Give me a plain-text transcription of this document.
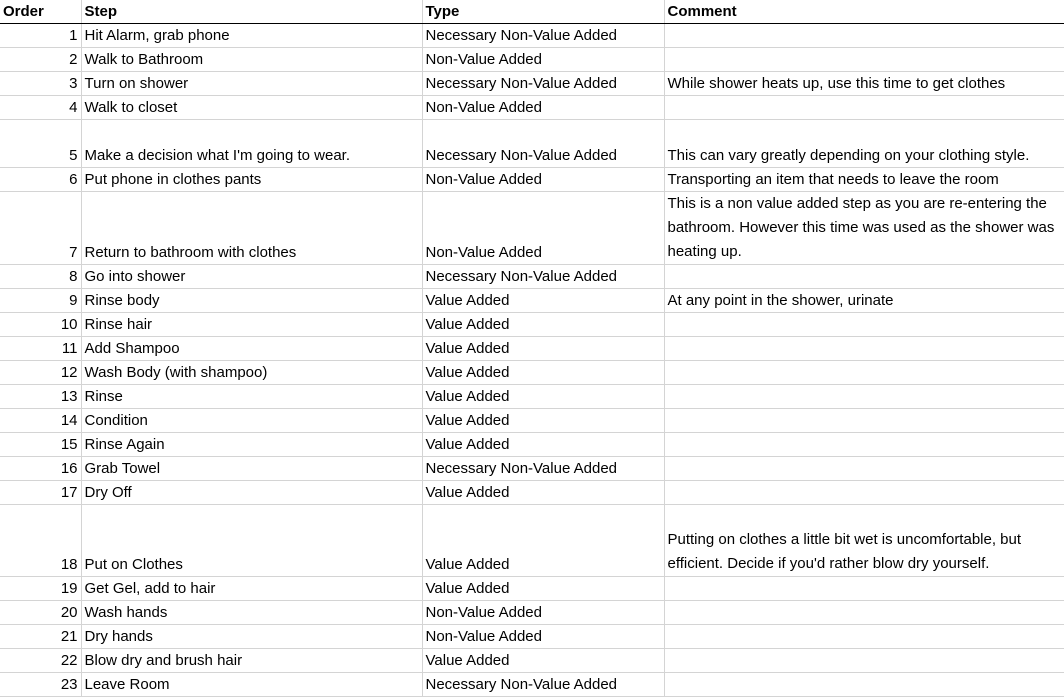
Order	Step	Type	Comment
1	Hit Alarm, grab phone	Necessary Non-Value Added	
2	Walk to Bathroom	Non-Value Added	
3	Turn on shower	Necessary Non-Value Added	While shower heats up, use this time to get clothes
4	Walk to closet	Non-Value Added	
5	Make a decision what I'm going to wear.	Necessary Non-Value Added	This can vary greatly depending on your clothing style.
6	Put phone in clothes pants	Non-Value Added	Transporting an item that needs to leave the room
7	Return to bathroom with clothes	Non-Value Added	This is a non value added step as you are re-entering the bathroom. However this time was used as the shower was heating up.
8	Go into shower	Necessary Non-Value Added	
9	Rinse body	Value Added	At any point in the shower, urinate
10	Rinse hair	Value Added	
11	Add Shampoo	Value Added	
12	Wash Body (with shampoo)	Value Added	
13	Rinse	Value Added	
14	Condition	Value Added	
15	Rinse Again	Value Added	
16	Grab Towel	Necessary Non-Value Added	
17	Dry Off	Value Added	
18	Put on Clothes	Value Added	Putting on clothes a little bit wet is uncomfortable, but efficient. Decide if you'd rather blow dry yourself.
19	Get Gel, add to hair	Value Added	
20	Wash hands	Non-Value Added	
21	Dry hands	Non-Value Added	
22	Blow dry and brush hair	Value Added	
23	Leave Room	Necessary Non-Value Added	
